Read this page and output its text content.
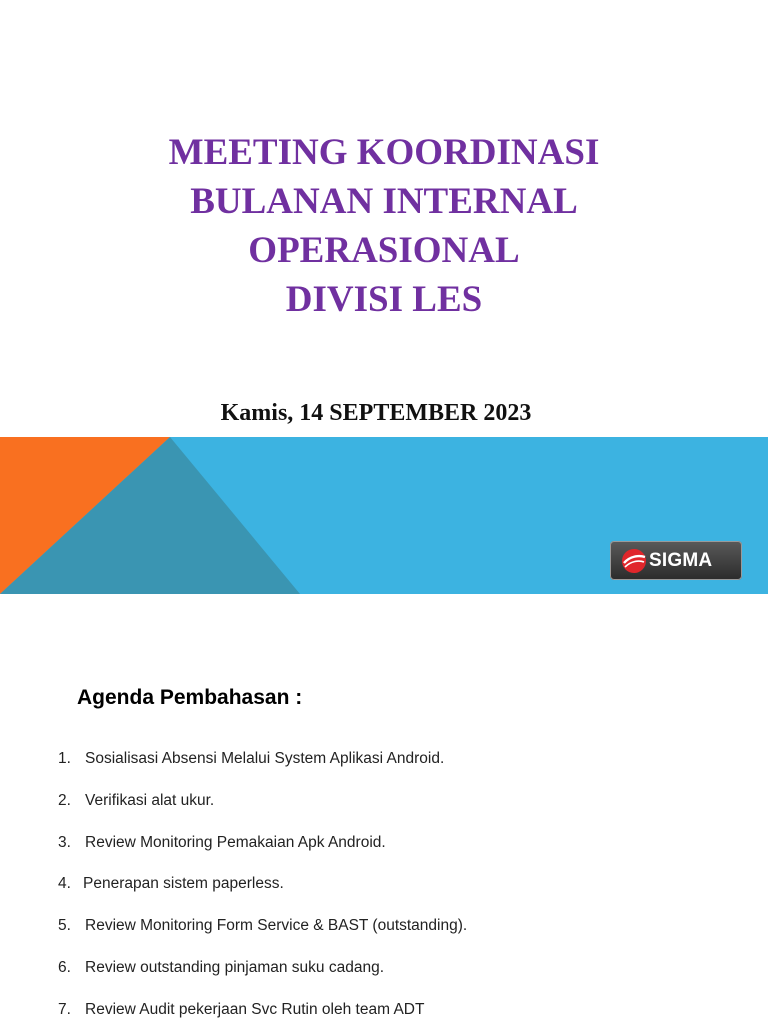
MEETING KOORDINASI
BULANAN INTERNAL
OPERASIONAL
DIVISI LES
Kamis, 14 SEPTEMBER 2023
SIGMA
Agenda Pembahasan :
1. Sosialisasi Absensi Melalui System Aplikasi Android.
2. Verifikasi alat ukur.
3. Review Monitoring Pemakaian Apk Android.
4. Penerapan sistem paperless.
5. Review Monitoring Form Service & BAST (outstanding).
6. Review outstanding pinjaman suku cadang.
7. Review Audit pekerjaan Svc Rutin oleh team ADT
